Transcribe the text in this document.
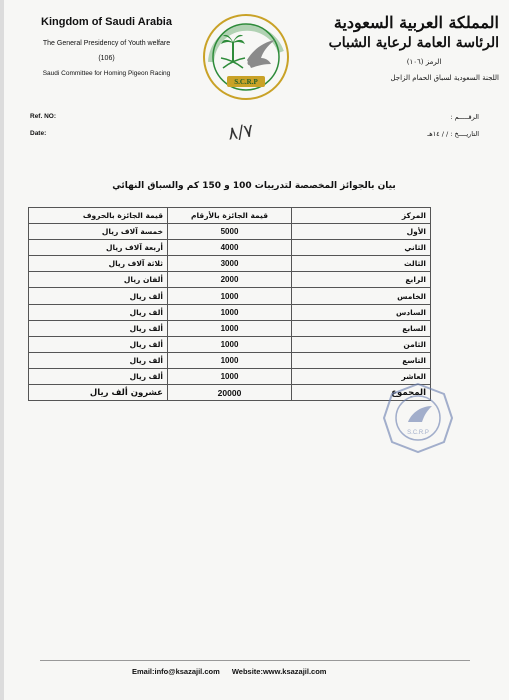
Kingdom of Saudi Arabia
The General Presidency of Youth welfare
(106)
Saudi Committee for Homing Pigeon Racing
S.C.R.P
المملكة العربية السعودية
الرئاسة العامة لرعاية الشباب
الرمز (١٠٦)
اللجنة السعودية لسباق الحمام الزاجل
Ref. NO:
Date:
الرقـــــم :
التاريــــخ : / / ١٤هـ
٨/٧
بيان بالجوائز المخصصة لتدريبات 100 و 150 كم والسباق النهائي
المركز	قيمة الجائزة بالأرقام	قيمة الجائزة بالحروف
الأول	5000	خمسة آلاف ريال
الثاني	4000	أربعة آلاف ريال
الثالث	3000	ثلاثة آلاف ريال
الرابع	2000	ألفان ريال
الخامس	1000	ألف ريال
السادس	1000	ألف ريال
السابع	1000	ألف ريال
الثامن	1000	ألف ريال
التاسع	1000	ألف ريال
العاشر	1000	ألف ريال
المجموع	20000	عشرون ألف ريال
S.C.R.P
Email:info@ksazajil.com Website:www.ksazajil.com
